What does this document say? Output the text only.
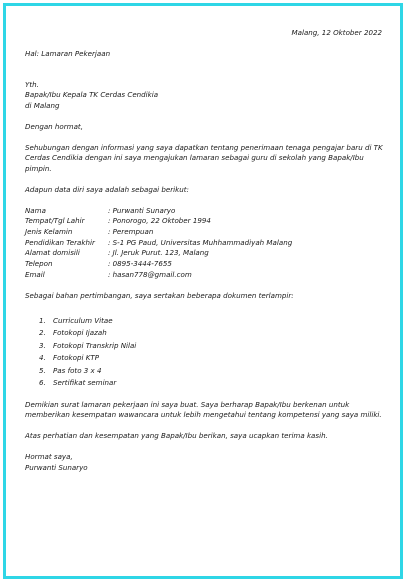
Malang, 12 Oktober 2022

Hal: Lamaran Pekerjaan

Yth.

Bapak/Ibu Kepala TK Cerdas Cendikia

di Malang

Dengan hormat,

Sehubungan dengan informasi yang saya dapatkan tentang penerimaan tenaga pengajar baru di TK Cerdas Cendikia dengan ini saya mengajukan lamaran sebagai guru di sekolah yang Bapak/Ibu pimpin.

Adapun data diri saya adalah sebagai berikut:

Nama	: Purwanti Sunaryo
Tempat/Tgl Lahir	: Ponorogo, 22 Oktober 1994
Jenis Kelamin	: Perempuan
Pendidikan Terakhir	: S-1 PG Paud, Universitas Muhhammadiyah Malang
Alamat domisili	: Jl. Jeruk Purut. 123, Malang
Telepon	: 0895-3444-7655
Email	: hasan778@gmail.com

Sebagai bahan pertimbangan, saya sertakan beberapa dokumen terlampir:

1.	Curriculum Vitae
2.	Fotokopi Ijazah
3.	Fotokopi Transkrip Nilai
4.	Fotokopi KTP
5.	Pas foto 3 x 4
6.	Sertifikat seminar

Demikian surat lamaran pekerjaan ini saya buat. Saya berharap Bapak/Ibu berkenan untuk memberikan kesempatan wawancara untuk lebih mengetahui tentang kompetensi yang saya miliki.

Atas perhatian dan kesempatan yang Bapak/Ibu berikan, saya ucapkan terima kasih.

Hormat saya,

Purwanti Sunaryo
